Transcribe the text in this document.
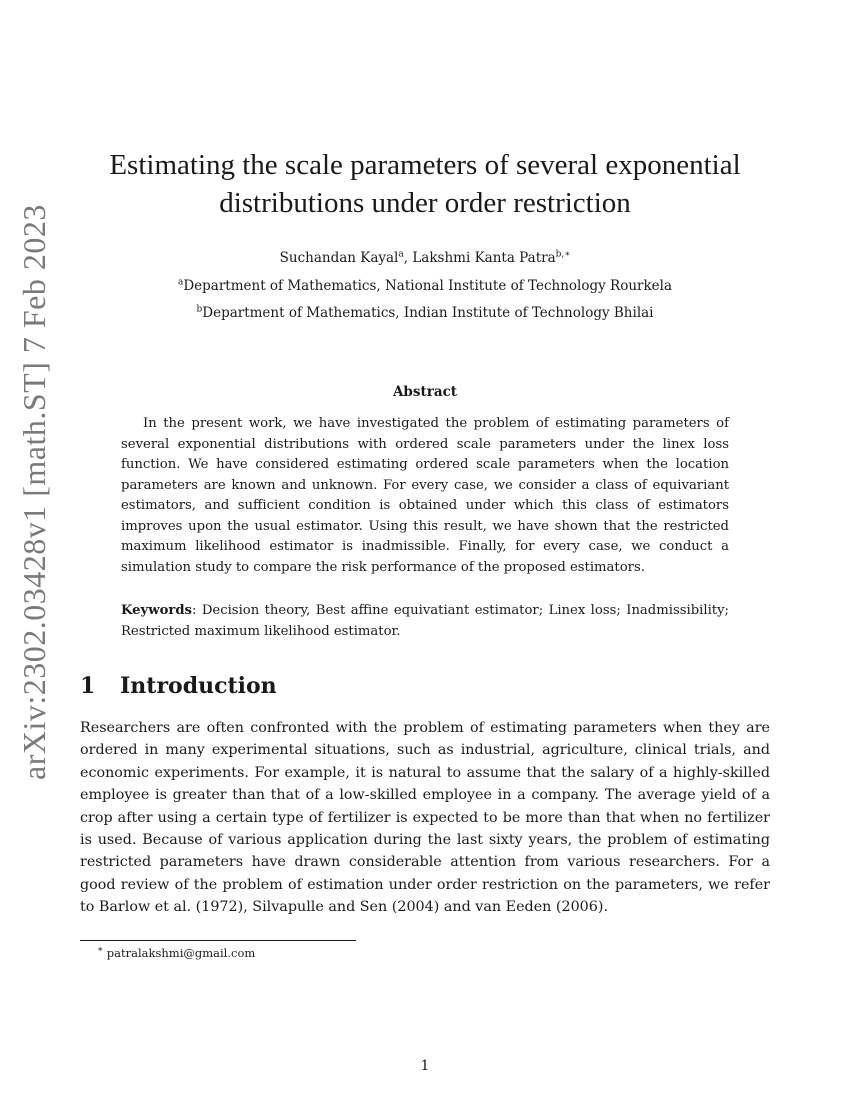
arXiv:2302.03428v1 [math.ST] 7 Feb 2023
Estimating the scale parameters of several exponential
distributions under order restriction
Suchandan Kayal$^a$, Lakshmi Kanta Patra$^{b,∗}$
$^a$Department of Mathematics, National Institute of Technology Rourkela
$^b$Department of Mathematics, Indian Institute of Technology Bhilai
Abstract

In the present work, we have investigated the problem of estimating parameters of several exponential distributions with ordered scale parameters under the linex loss function. We have considered estimating ordered scale parameters when the location parameters are known and unknown. For every case, we consider a class of equivariant estimators, and sufficient condition is obtained under which this class of estimators improves upon the usual estimator. Using this result, we have shown that the restricted maximum likelihood estimator is inadmissible. Finally, for every case, we conduct a simulation study to compare the risk performance of the proposed estimators.

Keywords: Decision theory, Best affine equivatiant estimator; Linex loss; Inadmissibility; Restricted maximum likelihood estimator.

1 Introduction

Researchers are often confronted with the problem of estimating parameters when they are ordered in many experimental situations, such as industrial, agriculture, clinical trials, and economic experiments. For example, it is natural to assume that the salary of a highly-skilled employee is greater than that of a low-skilled employee in a company. The average yield of a crop after using a certain type of fertilizer is expected to be more than that when no fertilizer is used. Because of various application during the last sixty years, the problem of estimating restricted parameters have drawn considerable attention from various researchers. For a good review of the problem of estimation under order restriction on the parameters, we refer to Barlow et al. (1972), Silvapulle and Sen (2004) and van Eeden (2006).

∗ patralakshmi@gmail.com
1
